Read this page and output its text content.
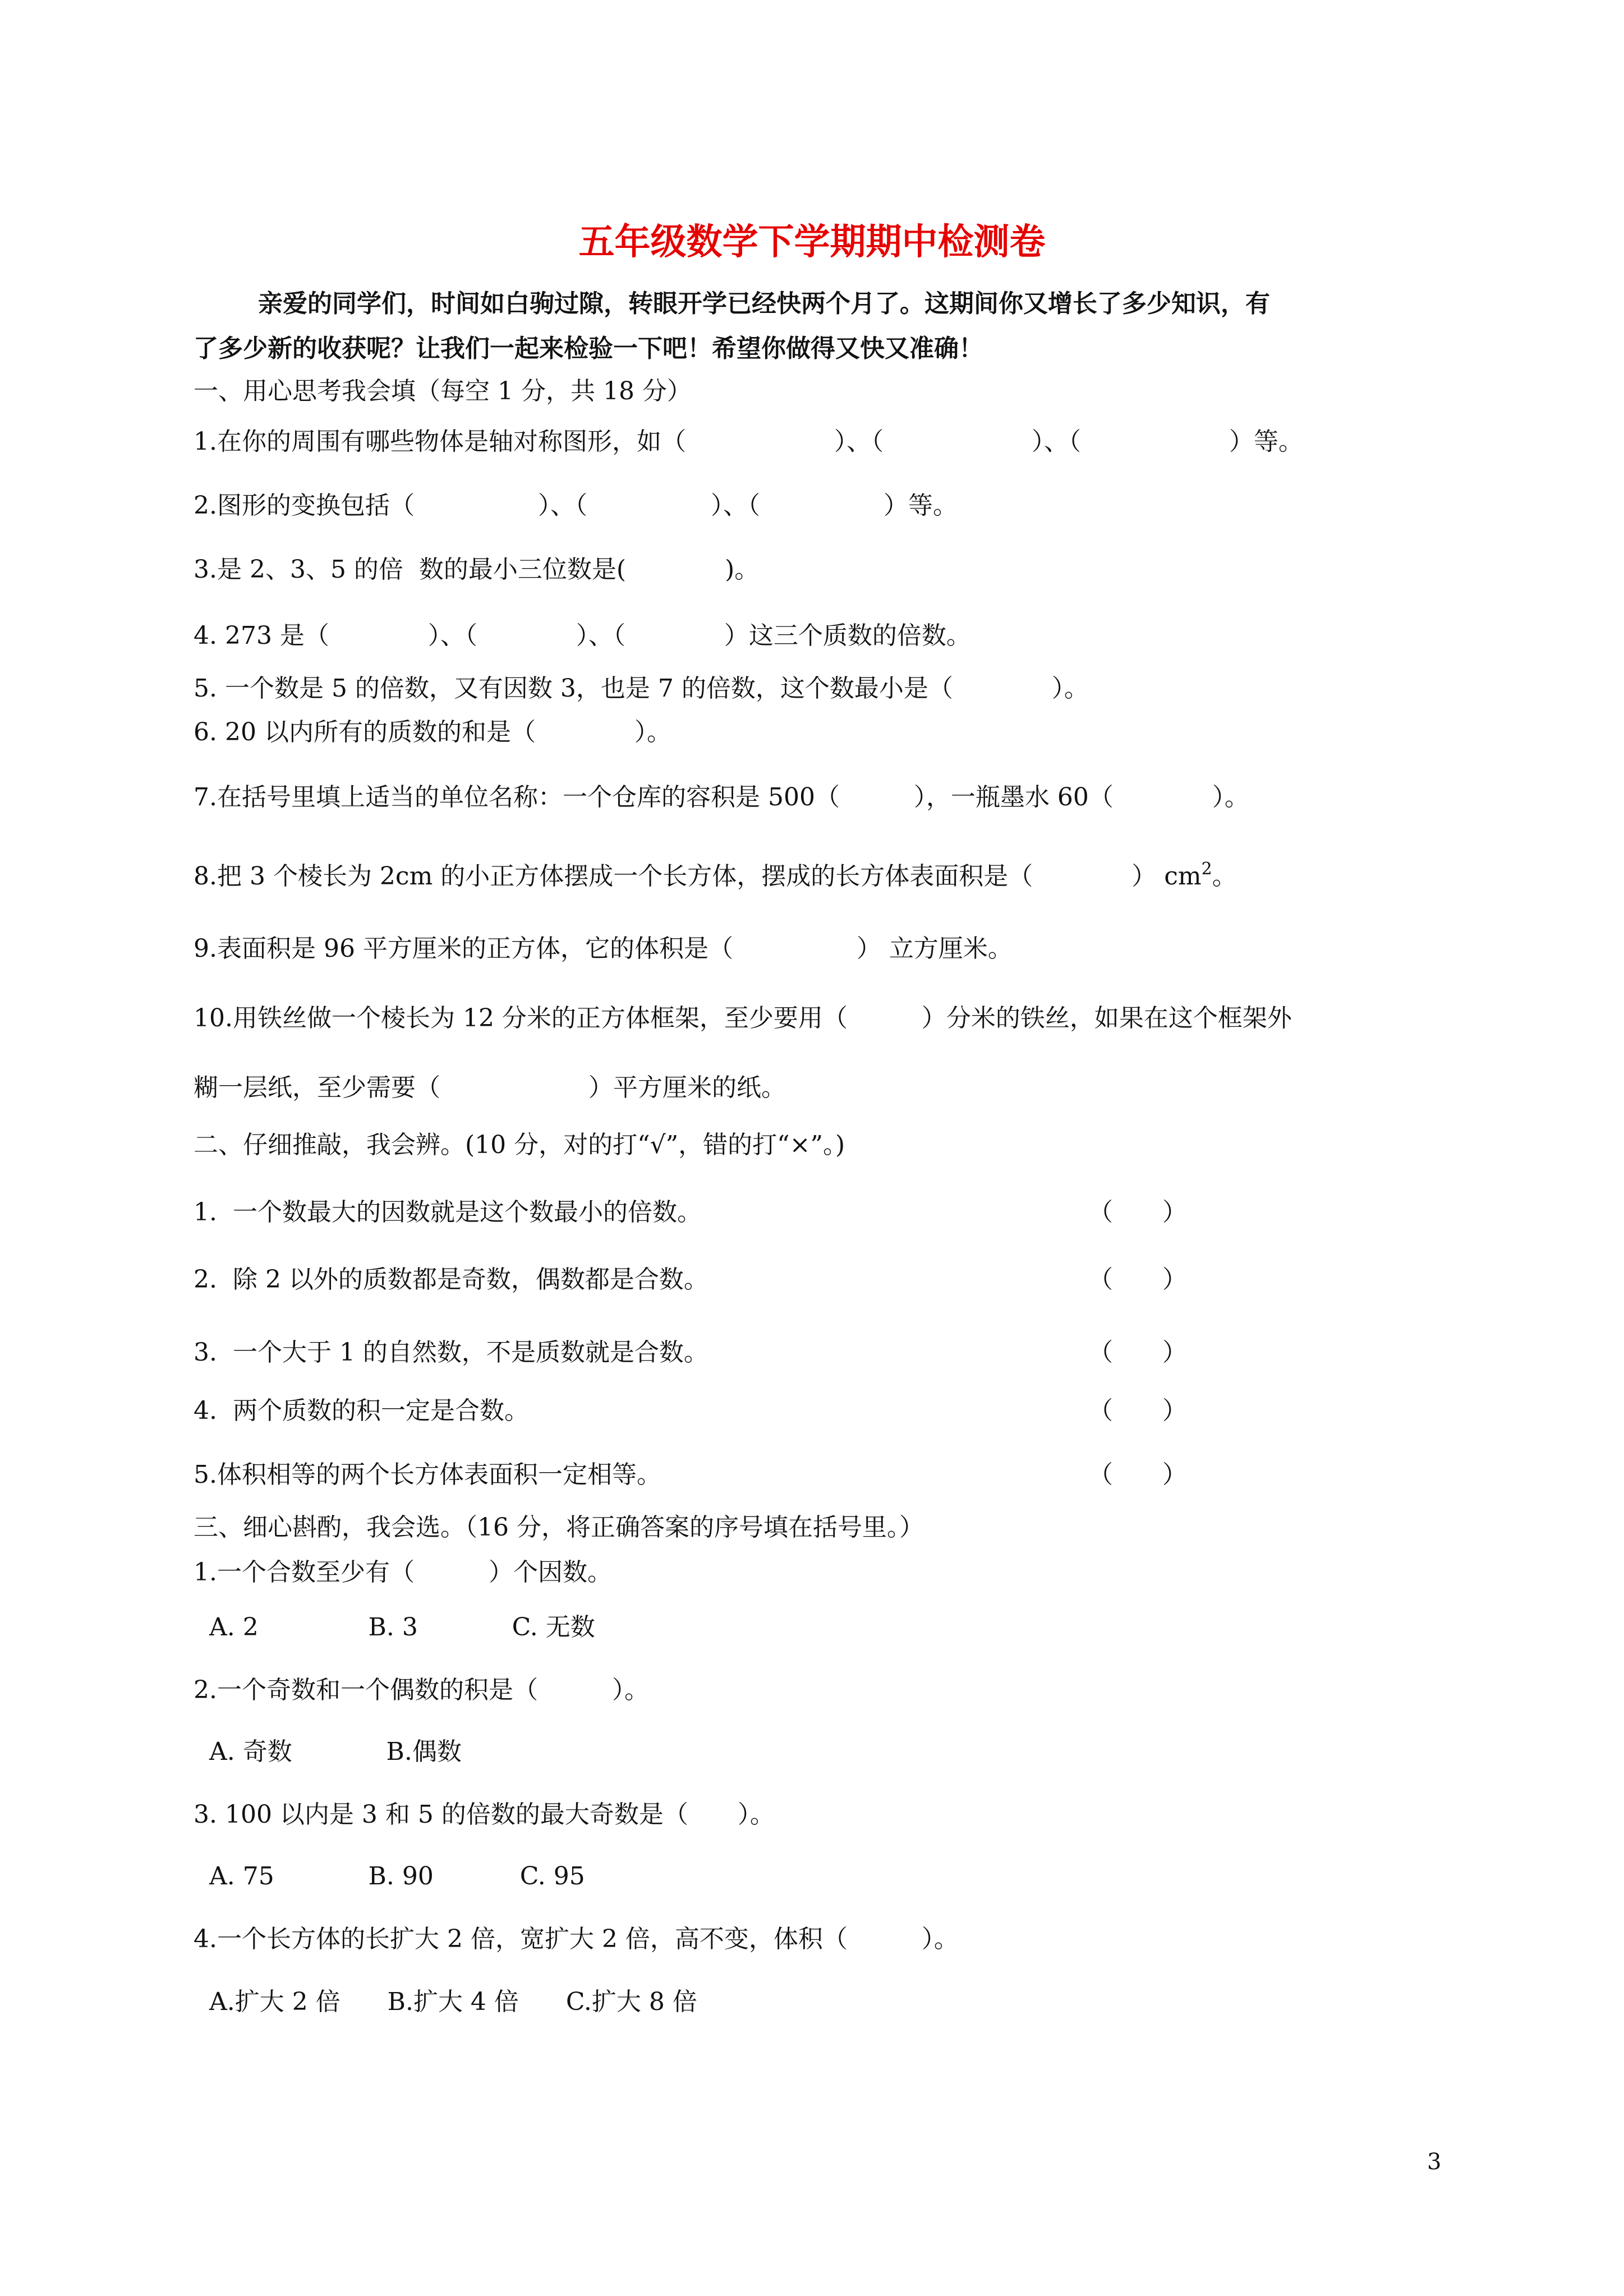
五年级数学下学期期中检测卷
亲爱的同学们，时间如白驹过隙，转眼开学已经快两个月了。这期间你又增长了多少知识，有
了多少新的收获呢？让我们一起来检验一下吧！希望你做得又快又准确！
一、用心思考我会填（每空 1 分，共 18 分）
1.在你的周围有哪些物体是轴对称图形，如（　　　　　　）、（　　　　　　）、（　　　　　　）等。
2.图形的变换包括（　　　　　）、（　　　　　）、（　　　　　）等。
3.是 2、3、5 的倍  数的最小三位数是(　　　　)。
4. 273 是（　　　　）、（　　　　）、（　　　　）这三个质数的倍数。
5. 一个数是 5 的倍数，又有因数 3，也是 7 的倍数，这个数最小是（　　　　）。
6. 20 以内所有的质数的和是（　　　　）。
7.在括号里填上适当的单位名称：一个仓库的容积是 500（　　　），一瓶墨水 60（　　　　）。
8.把 3 个棱长为 2cm 的小正方体摆成一个长方体，摆成的长方体表面积是（　　　　） $cm^2$。
9.表面积是 96 平方厘米的正方体，它的体积是（　　　　　） 立方厘米。
10.用铁丝做一个棱长为 12 分米的正方体框架，至少要用（　　　）分米的铁丝，如果在这个框架外
糊一层纸，至少需要（　　　　　　）平方厘米的纸。
二、仔细推敲，我会辨。(10 分，对的打“√”，错的打“×”。)
1.  一个数最大的因数就是这个数最小的倍数。	（　　）
2.  除 2 以外的质数都是奇数，偶数都是合数。	（　　）
3.  一个大于 1 的自然数，不是质数就是合数。	（　　）
4.  两个质数的积一定是合数。	（　　）
5.体积相等的两个长方体表面积一定相等。	（　　）
三、细心斟酌，我会选。（16 分，将正确答案的序号填在括号里。）
1.一个合数至少有（　　　）个因数。
A. 2              B. 3            C. 无数
2.一个奇数和一个偶数的积是（　　　）。
A. 奇数            B.偶数
3. 100 以内是 3 和 5 的倍数的最大奇数是（　　）。
A. 75            B. 90           C. 95
4.一个长方体的长扩大 2 倍，宽扩大 2 倍，高不变，体积（　　　）。
A.扩大 2 倍      B.扩大 4 倍      C.扩大 8 倍
3
